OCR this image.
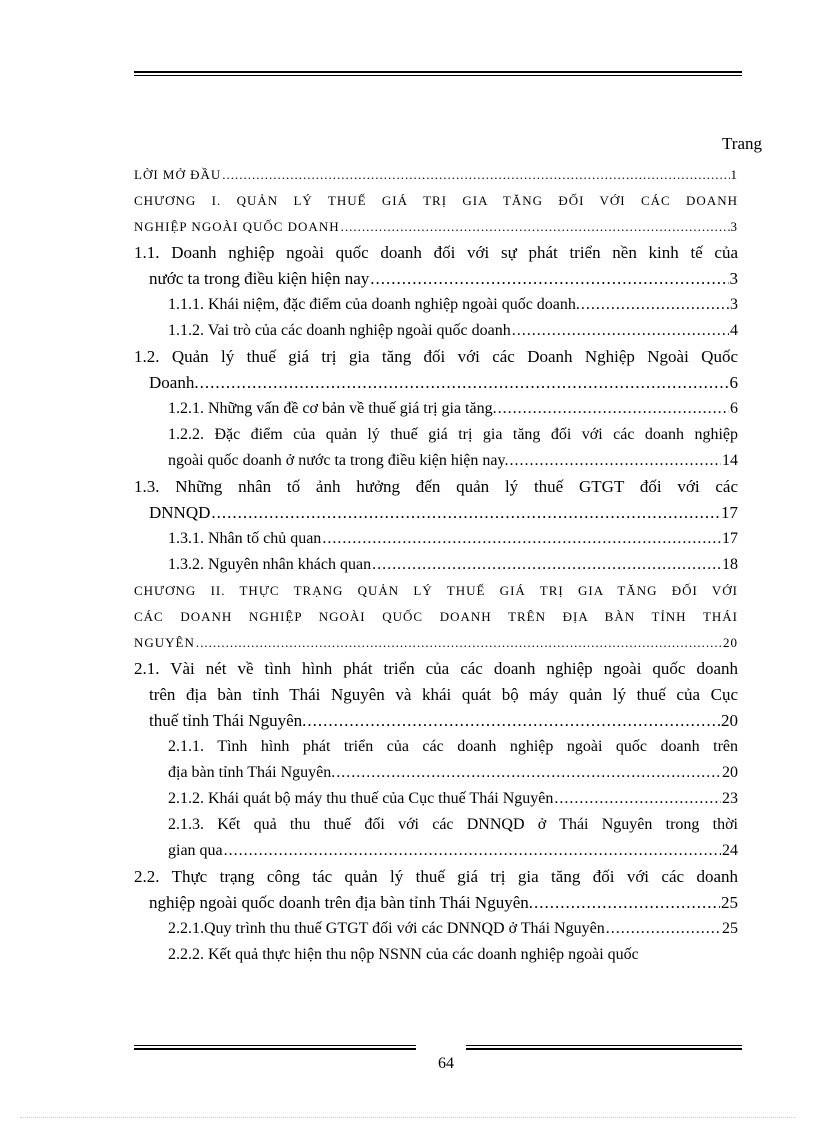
Trang
LỜI MỞ ĐẦU .....	1
CHƯƠNG I. QUẢN LÝ THUẾ GIÁ TRỊ GIA TĂNG ĐỐI VỚI CÁC DOANH
NGHIỆP NGOÀI QUỐC DOANH .....	3
1.1. Doanh nghiệp ngoài quốc doanh đối với sự phát triển nền kinh tế của
nước ta trong điều kiện hiện nay .....	3
1.1.1. Khái niệm, đặc điểm của doanh nghiệp ngoài quốc doanh. .....	3
1.1.2. Vai trò của các doanh nghiệp ngoài quốc doanh .....	4
1.2. Quản lý thuế giá trị gia tăng đối với các Doanh Nghiệp Ngoài Quốc
Doanh. .....	6
1.2.1. Những vấn đề cơ bản về thuế giá trị gia tăng. .....	6
1.2.2. Đặc điểm của quản lý thuế giá trị gia tăng đối với các doanh nghiệp
ngoài quốc doanh ở nước ta trong điều kiện hiện nay. .....	14
1.3. Những nhân tố ảnh hưởng đến quản lý thuế GTGT đối với các
DNNQD .....	17
1.3.1. Nhân tố chủ quan .....	17
1.3.2. Nguyên nhân khách quan .....	18
CHƯƠNG II. THỰC TRẠNG QUẢN LÝ THUẾ GIÁ TRỊ GIA TĂNG ĐỐI VỚI
CÁC DOANH NGHIỆP NGOÀI QUỐC DOANH TRÊN ĐỊA BÀN TỈNH THÁI
NGUYÊN .....	20
2.1. Vài nét về tình hình phát triển của các doanh nghiệp ngoài quốc doanh
trên địa bàn tỉnh Thái Nguyên và khái quát bộ máy quản lý thuế của Cục
thuế tỉnh Thái Nguyên. .....	20
2.1.1. Tình hình phát triển của các doanh nghiệp ngoài quốc doanh trên
địa bàn tỉnh Thái Nguyên. .....	20
2.1.2. Khái quát bộ máy thu thuế của Cục thuế Thái Nguyên .....	23
2.1.3. Kết quả thu thuế đối với các DNNQD ở Thái Nguyên trong thời
gian qua .....	24
2.2. Thực trạng công tác quản lý thuế giá trị gia tăng đối với các doanh
nghiệp ngoài quốc doanh trên địa bàn tỉnh Thái Nguyên. .....	25
2.2.1.Quy trình thu thuế GTGT đối với các DNNQD ở Thái Nguyên .....	25
2.2.2. Kết quả thực hiện thu nộp NSNN của các doanh nghiệp ngoài quốc
64
